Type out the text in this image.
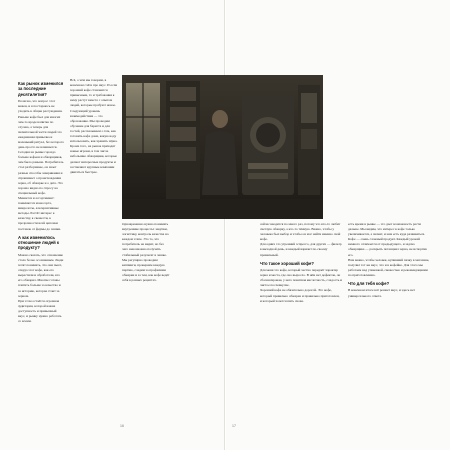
Как рынок изменился за последние десятилетия?

Полагаю, что вопрос этот важен, и я постараюсь не уходить в общие рассуждения. Раньше кофе был для многих чем-то вроде напитка по случаю, а теперь для значительной части людей это ежедневная привычка и маленький ритуал, без которого день просто не начинается.

Сегодня на рынке гораздо больше кофеен и обжарщиков, чем было раньше. Потребитель стал разборчивее, он знает разные способы заваривания и спрашивает о происхождении зерна, об обжарке и о дате. Это хорошо видно по спросу на специальный кофе.

Меняется и ассортимент: появляются моносорта, микролоты, альтернативные методы. Растёт интерес к качеству, к свежести, к прозрачности всей цепочки поставок от фермы до чашки.

А как изменилось отношение людей к продукту?

Можно сказать, что отношение стало более осознанным. Люди хотят понимать, что они пьют, откуда этот кофе, как его вырастили и обработали, кто его обжарил. Многие готовы платить больше за качество и за историю, которая стоит за зерном.

При этом остаётся огромная аудитория, которой важна доступность и привычный вкус, и рынку нужно работать со всеми.

Всё, о чём мы говорим, в конечном счёте про вкус. И если хороший кофе становится привычным, то и требования к нему растут вместе с опытом людей, которые пробуют новое.

Следующий уровень взаимодействия — это образование. Мы проводим обучение для бариста и для гостей, рассказываем о том, как готовить кофе дома, какую воду использовать, как хранить зёрна.

Кроме того, на рынок приходят новые игроки, в том числе небольшие обжарщики, которые делают интересные продукты и заставляют крупные компании двигаться быстрее.

Одновременно нужно понимать внутренние процессы: закупки, логистику, контроль качества на каждом этапе. Это то, что потребитель не видит, но без чего невозможно получить стабильный результат в чашке.

Мы регулярно проводим каппинги, проверяем каждую партию, следим за профилями обжарки и за тем, как кофе ведёт себя в разных рецептах.

16

сейчас вводится по много раз, потому что кто-то любит светлую обжарку, а кто-то тёмную. Важно, чтобы у человека был выбор и чтобы он мог найти именно свой кофе.

Для одних это утренний эспрессо, для других — фильтр в выходной день, и каждый вариант по-своему правильный.

Что такое хороший кофе?

Для меня это кофе, который честно передаёт характер зерна и места, где оно выросло. В нём нет дефектов, он сбалансирован, у него понятная кислотность, сладость и чистое послевкусие.

Хороший кофе не обязательно дорогой. Это кофе, который правильно обжарен и правильно приготовлен, и который хочется пить снова.

есть время в рынке — это дает возможность расти дальше. Мы видим, что интерес к кофе только увеличивается, а значит, и нам есть куда развиваться.

Кофе — очень сложный продукт. Каждый урожай немного отличается от предыдущего, и задача обжарщика — раскрыть потенциал зерна, не испортив его.

Нам важно, чтобы человек, купивший пачку в магазине, получил тот же вкус, что и в кофейне. Для этого мы работаем над упаковкой, свежестью и рекомендациями по приготовлению.

Что для тебя кофе?

В конечном итоге всё решает вкус, и здесь нет универсального ответа.

17
